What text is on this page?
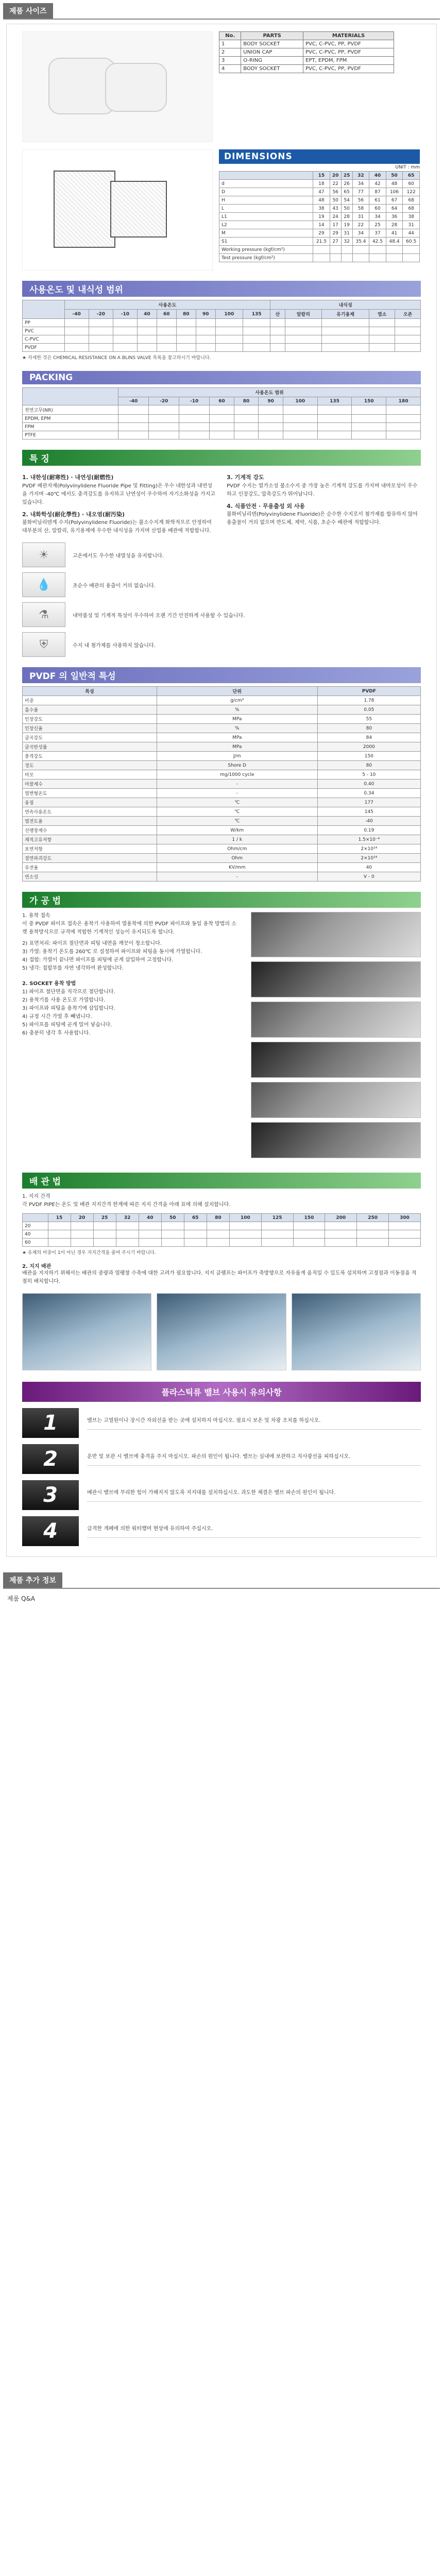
제품 사이즈
No.	PARTS	MATERIALS
1	BODY SOCKET	PVC, C-PVC, PP, PVDF
2	UNION CAP	PVC, C-PVC, PP, PVDF
3	O-RING	EPT, EPDM, FPM
4	BODY SOCKET	PVC, C-PVC, PP, PVDF
DIMENSIONS
UNIT : mm
	15	20	25	32	40	50	65
d	18	22	26	34	42	48	60
D	47	56	65	77	87	106	122
H	48	50	54	56	61	67	68
L	38	43	50	58	60	64	68
L1	19	24	28	31	34	36	38
L2	14	17	19	22	25	28	31
M	29	29	31	34	37	41	44
S1	21.5	27	32	35.4	42.5	48.4	60.5
Working pressure (kgf/cm²)							
Test pressure (kgf/cm²)							
사용온도 및 내식성 범위
	사용온도									내식성				
	-40	-20	-10	40	60	80	90	100	135	산	알칼리	유기용제	염소	오존
PP														
PVC														
C-PVC														
PVDF														
★ 자세한 것은 CHEMICAL RESISTANCE ON A BLINS VALVE 목록을 참고하시기 바랍니다.
PACKING
	사용온도 범위									
	-40	-20	-10	60	80	90	100	135	150	180
천연고무(NR)										
EPDM, EPM										
FPM										
PTFE										
특 징
1. 내한성(耐寒性) · 내연성(耐燃性)

PVDF 배관자재(Polyvinylidene Fluoride Pipe 및 Fitting)은 우수 내한성과 내연성을 가지며 -40℃ 에서도 충격강도를 유지하고 난연성이 우수하여 자기소화성을 가지고 있습니다.

2. 내화학성(耐化學性) · 내오염(耐汚染)

불화비닐리덴계 수지(Polyvinylidene Fluoride)는 불소수지계 화학적으로 안정하여 대부분의 산, 알칼리, 유기용제에 우수한 내식성을 가지며 산업용 배관에 적합합니다.

3. 기계적 강도

PVDF 수지는 열가소성 불소수지 중 가장 높은 기계적 강도를 가지며 내마모성이 우수하고 인장강도, 압축강도가 뛰어납니다.

4. 식품안전 · 무용출성 외 사용

불화비닐리덴(Polyvinylidene Fluoride)은 순수한 수지로서 첨가제를 함유하지 않아 용출물이 거의 없으며 반도체, 제약, 식품, 초순수 배관에 적합합니다.

☀	고온에서도 우수한 내열성을 유지합니다.
💧	초순수 배관의 용출이 거의 없습니다.
⚗	내약품성 및 기계적 특성이 우수하여 오랜 기간 안전하게 사용할 수 있습니다.
⛨	수지 내 첨가제를 사용하지 않습니다.
PVDF 의 일반적 특성
특성	단위	PVDF
비중	g/cm³	1.78
흡수율	%	0.05
인장강도	MPa	55
인장신율	%	80
굴곡강도	MPa	84
굴곡탄성률	MPa	2000
충격강도	J/m	150
경도	Shore D	80
마모	mg/1000 cycle	5 - 10
마찰계수	-	0.40
열변형온도	-	0.34
융점	℃	177
연속사용온도	℃	145
열전도율	℃	-40
선팽창계수	W/km	0.19
체적고유저항	1 / k	1.5×10⁻⁴
표면저항	Ohm/cm	2×10¹⁴
절연파괴강도	Ohm	2×10¹⁴
유전율	KV/mm	40
연소성	-	V - 0
가 공 법

1. 용착 접속
이 중 PVDF 파이프 접속은 용착기 사용하여 열용착에 의한 PVDF 파이프와 동일 용착 방법의 소켓 용착방식으로 규격에 적합한 기계적인 성능이 유지되도록 합니다.

2) 표면처리: 파이프 절단면과 피팅 내면을 깨끗이 청소합니다.

3) 가열: 용착기 온도를 260℃ 로 설정하여 파이프와 피팅을 동시에 가열합니다.

4) 접합: 가열이 끝나면 파이프를 피팅에 곧게 삽입하여 고정합니다.

5) 냉각: 접합부를 자연 냉각하여 완성합니다.

2. SOCKET 용착 방법

1) 파이프 절단면을 직각으로 절단합니다.

2) 용착기를 사용 온도로 가열합니다.

3) 파이프와 피팅을 용착기에 삽입합니다.

4) 규정 시간 가열 후 빼냅니다.

5) 파이프를 피팅에 곧게 밀어 넣습니다.

6) 충분히 냉각 후 사용합니다.

배 관 법

1. 지지 간격
각 PVDF PIPE는 온도 및 배관 지지간격 한계에 따른 지지 간격을 아래 표에 의해 설치합니다.

	15	20	25	32	40	50	65	80	100	125	150	200	250	300
20														
40														
60														
★ 유체의 비중이 1이 아닌 경우 지지간격을 줄여 주시기 바랍니다.

2. 지지 배관

배관을 지지하기 위해서는 배관의 중량과 열팽창 수축에 대한 고려가 필요합니다. 지지 클램프는 파이프가 축방향으로 자유롭게 움직일 수 있도록 설치하며 고정점과 이동점을 적절히 배치합니다.

플라스틱류 밸브 사용시 유의사항
1	밸브는 고열원이나 장시간 자외선을 받는 곳에 설치하지 마십시오. 필요시 보온 및 차광 조치를 하십시오.
2	운반 및 보관 시 밸브에 충격을 주지 마십시오. 파손의 원인이 됩니다. 밸브는 실내에 보관하고 직사광선을 피하십시오.
3	배관시 밸브에 무리한 힘이 가해지지 않도록 지지대를 설치하십시오. 과도한 체결은 밸브 파손의 원인이 됩니다.
4	급격한 개폐에 의한 워터햄머 현상에 유의하여 주십시오.
제품 추가 정보
제품 Q&A
